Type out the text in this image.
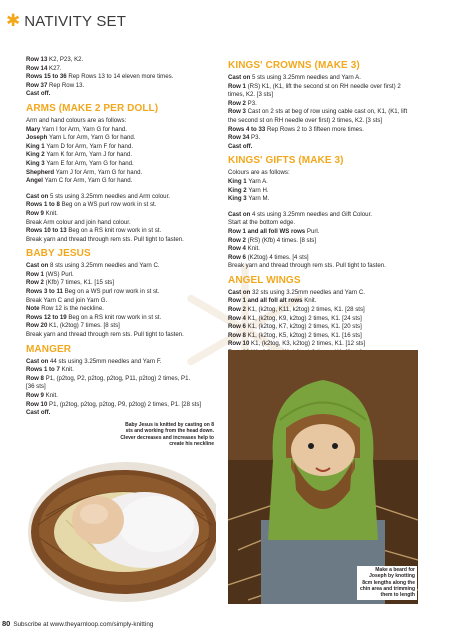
✱ NATIVITY SET
Row 13 K2, P23, K2.
Row 14 K27.
Rows 15 to 36 Rep Rows 13 to 14 eleven more times.
Row 37 Rep Row 13.
Cast off.
ARMS (MAKE 2 PER DOLL)
Arm and hand colours are as follows:
Mary Yarn I for Arm, Yarn G for hand.
Joseph Yarn L for Arm, Yarn G for hand.
King 1 Yarn D for Arm, Yarn F for hand.
King 2 Yarn K for Arm, Yarn J for hand.
King 3 Yarn E for Arm, Yarn G for hand.
Shepherd Yarn J for Arm, Yarn G for hand.
Angel Yarn C for Arm, Yarn G for hand.
Cast on 5 sts using 3.25mm needles and Arm colour.
Rows 1 to 8 Beg on a WS purl row work in st st.
Row 9 Knit.
Break Arm colour and join hand colour.
Rows 10 to 13 Beg on a RS knit row work in st st.
Break yarn and thread through rem sts. Pull tight to fasten.
BABY JESUS
Cast on 8 sts using 3.25mm needles and Yarn C.
Row 1 (WS) Purl.
Row 2 (Kfb) 7 times, K1. [15 sts]
Rows 3 to 11 Beg on a WS purl row work in st st.
Break Yarn C and join Yarn G.
Note Row 12 is the neckline.
Rows 12 to 19 Beg on a RS knit row work in st st.
Row 20 K1, (k2tog) 7 times. [8 sts]
Break yarn and thread through rem sts. Pull tight to fasten.
MANGER
Cast on 44 sts using 3.25mm needles and Yarn F.
Rows 1 to 7 Knit.
Row 8 P1, (p2tog, P2, p2tog, p2tog, P11, p2tog) 2 times, P1.
[36 sts]
Row 9 Knit.
Row 10 P1, (p2tog, p2tog, p2tog, P9, p2tog) 2 times, P1. [28 sts]
Cast off.
KINGS' CROWNS (MAKE 3)
Cast on 5 sts using 3.25mm needles and Yarn A.
Row 1 (RS) K1, (K1, lift the second st on RH needle over first) 2
times, K2. [3 sts]
Row 2 P3.
Row 3 Cast on 2 sts at beg of row using cable cast on, K1, (K1, lift
the second st on RH needle over first) 2 times, K2. [3 sts]
Rows 4 to 33 Rep Rows 2 to 3 fifteen more times.
Row 34 P3.
Cast off.
KINGS' GIFTS (MAKE 3)
Colours are as follows:
King 1 Yarn A.
King 2 Yarn H.
King 3 Yarn M.
Cast on 4 sts using 3.25mm needles and Gift Colour.
Start at the bottom edge.
Row 1 and all foll WS rows Purl.
Row 2 (RS) (Kfb) 4 times. [8 sts]
Row 4 Knit.
Row 6 (K2tog) 4 times. [4 sts]
Break yarn and thread through rem sts. Pull tight to fasten.
ANGEL WINGS
Cast on 32 sts using 3.25mm needles and Yarn C.
Row 1 and all foll alt rows Knit.
Row 2 K1, (k2tog, K11, k2tog) 2 times, K1. [28 sts]
Row 4 K1, (k2tog, K9, k2tog) 2 times, K1. [24 sts]
Row 6 K1, (k2tog, K7, k2tog) 2 times, K1. [20 sts]
Row 8 K1, (k2tog, K5, k2tog) 2 times, K1. [16 sts]
Row 10 K1, (k2tog, K3, k2tog) 2 times, K1. [12 sts]
Baby Jesus is knitted by casting on 8 sts and working from the head down. Clever decreases and increases help to create his neckline
Make a beard for Joseph by knotting 8cm lengths along the chin area and trimming them to length
80 Subscribe at www.theyarnloop.com/simply-knitting
